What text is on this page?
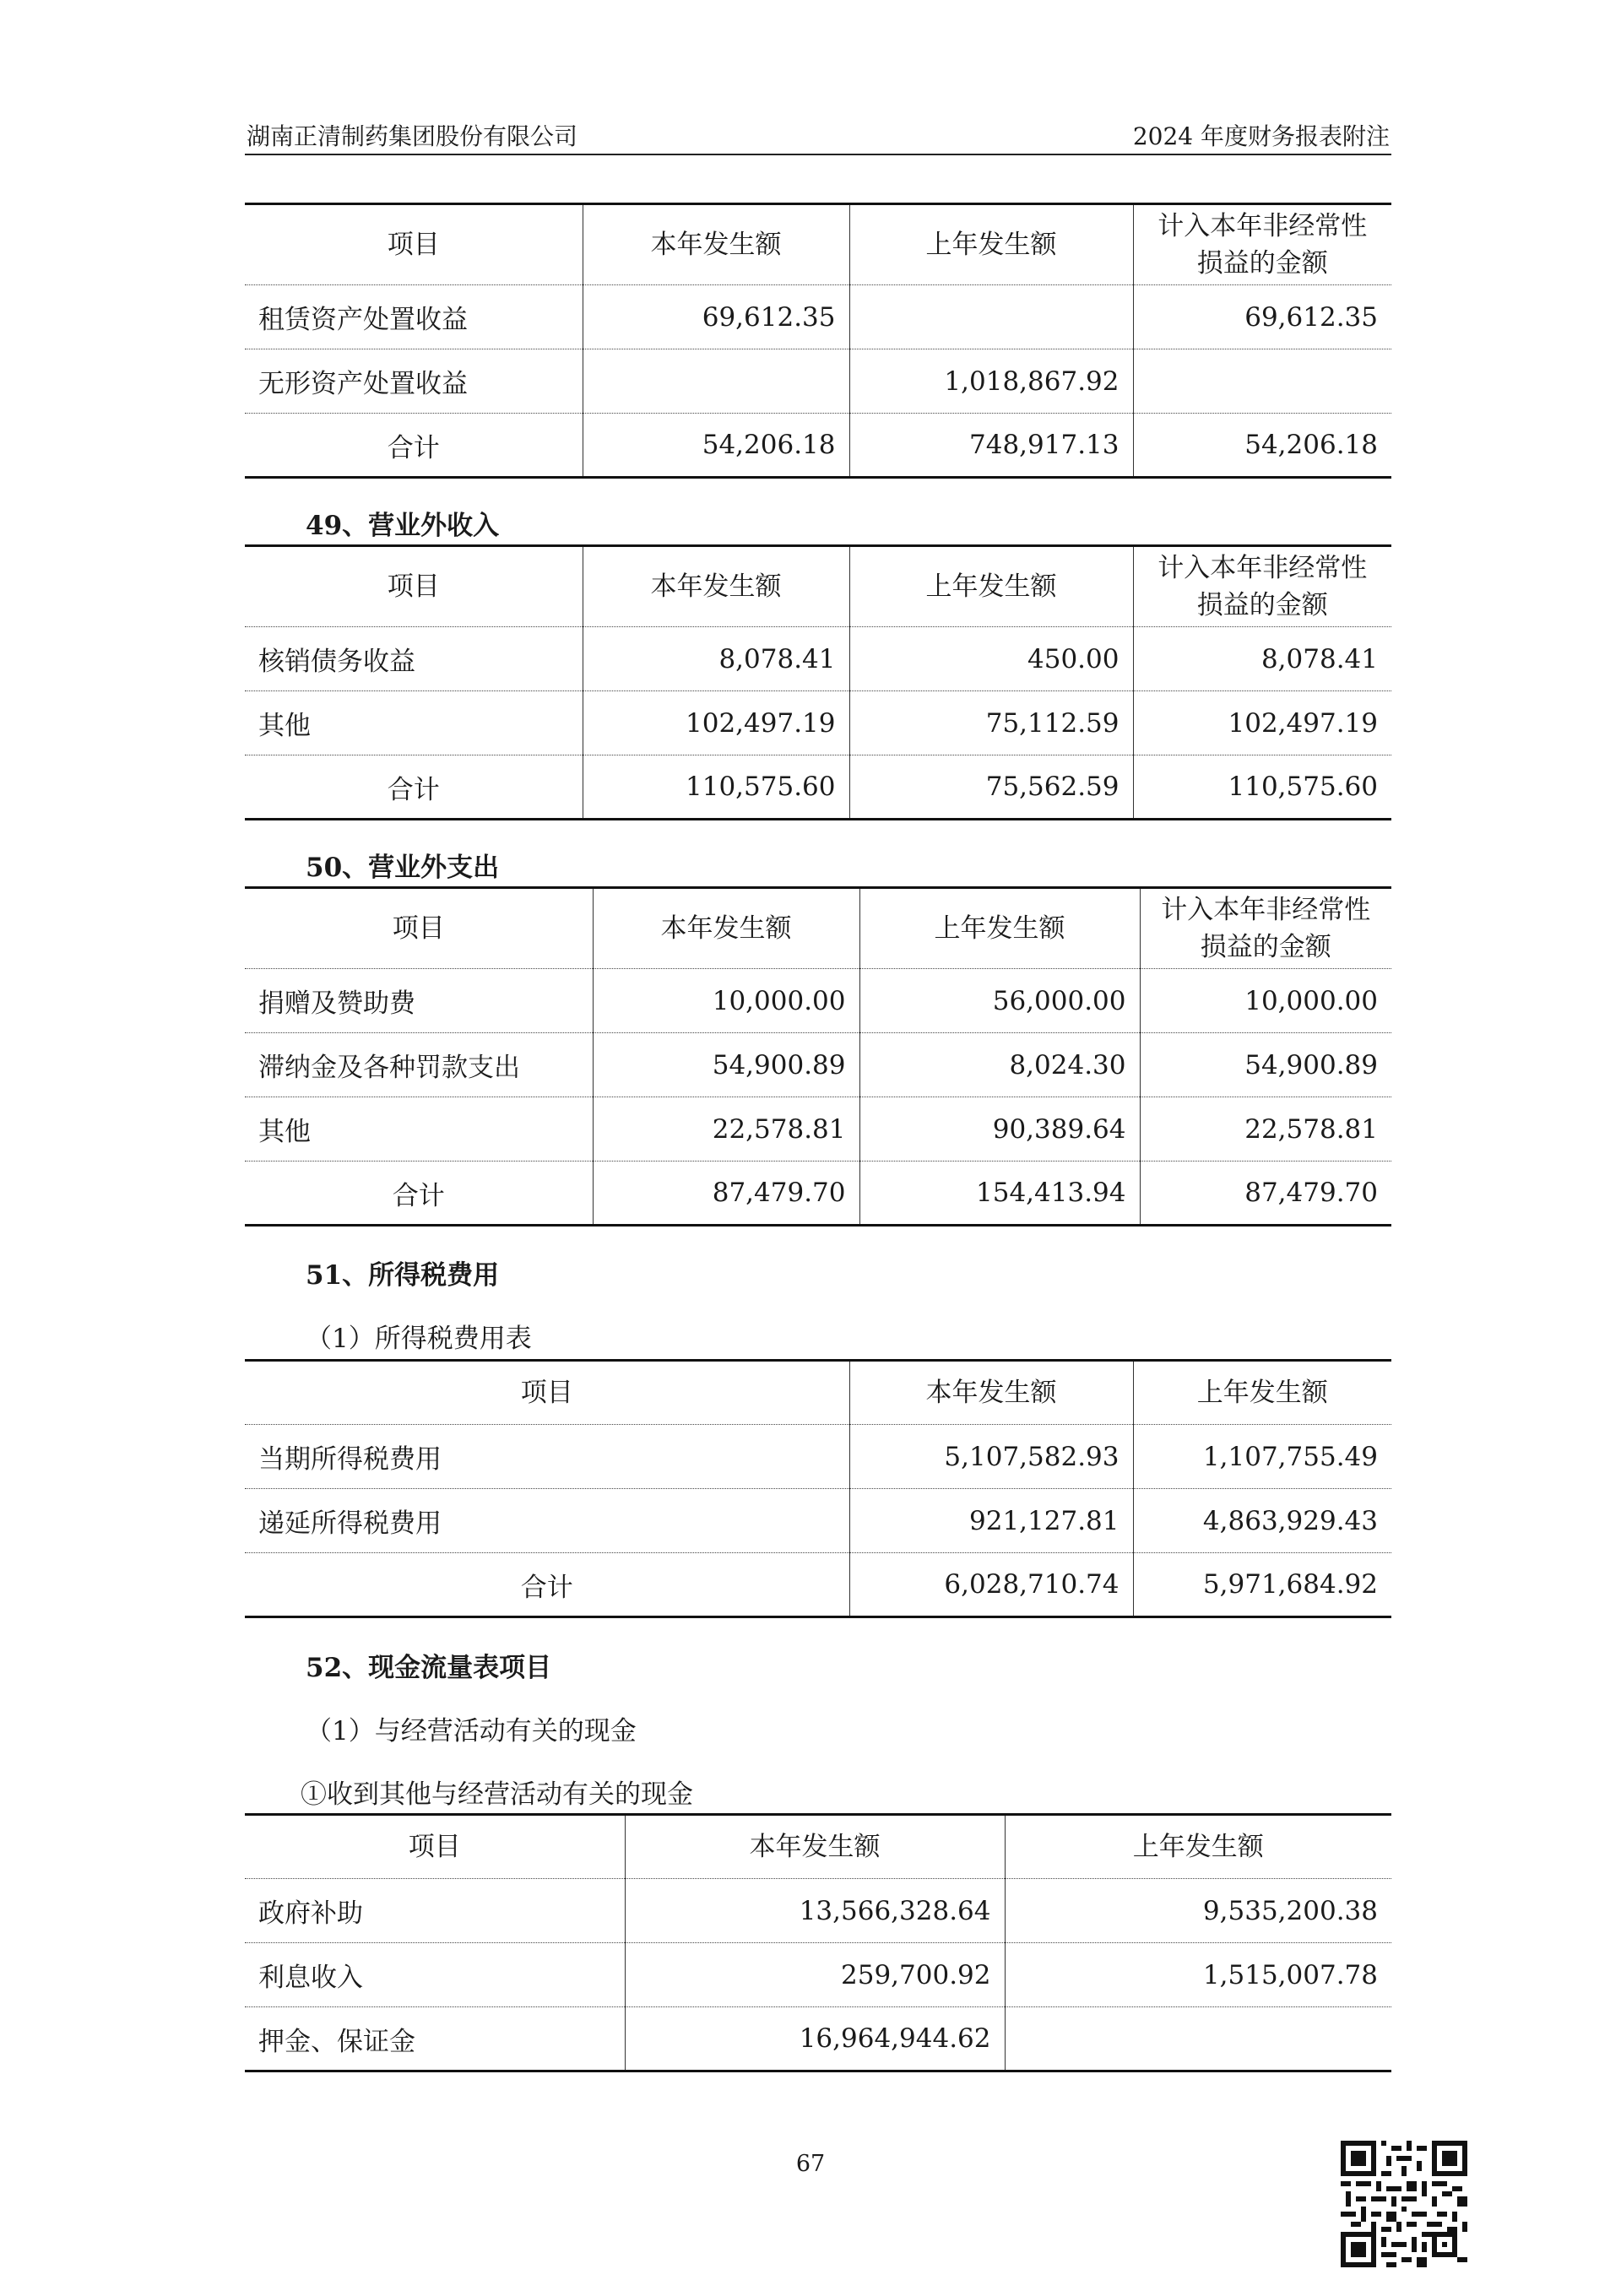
湖南正清制药集团股份有限公司	2024 年度财务报表附注
项目	本年发生额	上年发生额	计入本年非经常性损益的金额
租赁资产处置收益	69,612.35		69,612.35
无形资产处置收益		1,018,867.92	
合计	54,206.18	748,917.13	54,206.18
49、营业外收入
项目	本年发生额	上年发生额	计入本年非经常性损益的金额
核销债务收益	8,078.41	450.00	8,078.41
其他	102,497.19	75,112.59	102,497.19
合计	110,575.60	75,562.59	110,575.60
50、营业外支出
项目	本年发生额	上年发生额	计入本年非经常性损益的金额
捐赠及赞助费	10,000.00	56,000.00	10,000.00
滞纳金及各种罚款支出	54,900.89	8,024.30	54,900.89
其他	22,578.81	90,389.64	22,578.81
合计	87,479.70	154,413.94	87,479.70
51、所得税费用
（1）所得税费用表
项目	本年发生额	上年发生额
当期所得税费用	5,107,582.93	1,107,755.49
递延所得税费用	921,127.81	4,863,929.43
合计	6,028,710.74	5,971,684.92
52、现金流量表项目
（1）与经营活动有关的现金
①收到其他与经营活动有关的现金
项目	本年发生额	上年发生额
政府补助	13,566,328.64	9,535,200.38
利息收入	259,700.92	1,515,007.78
押金、保证金	16,964,944.62	
67
